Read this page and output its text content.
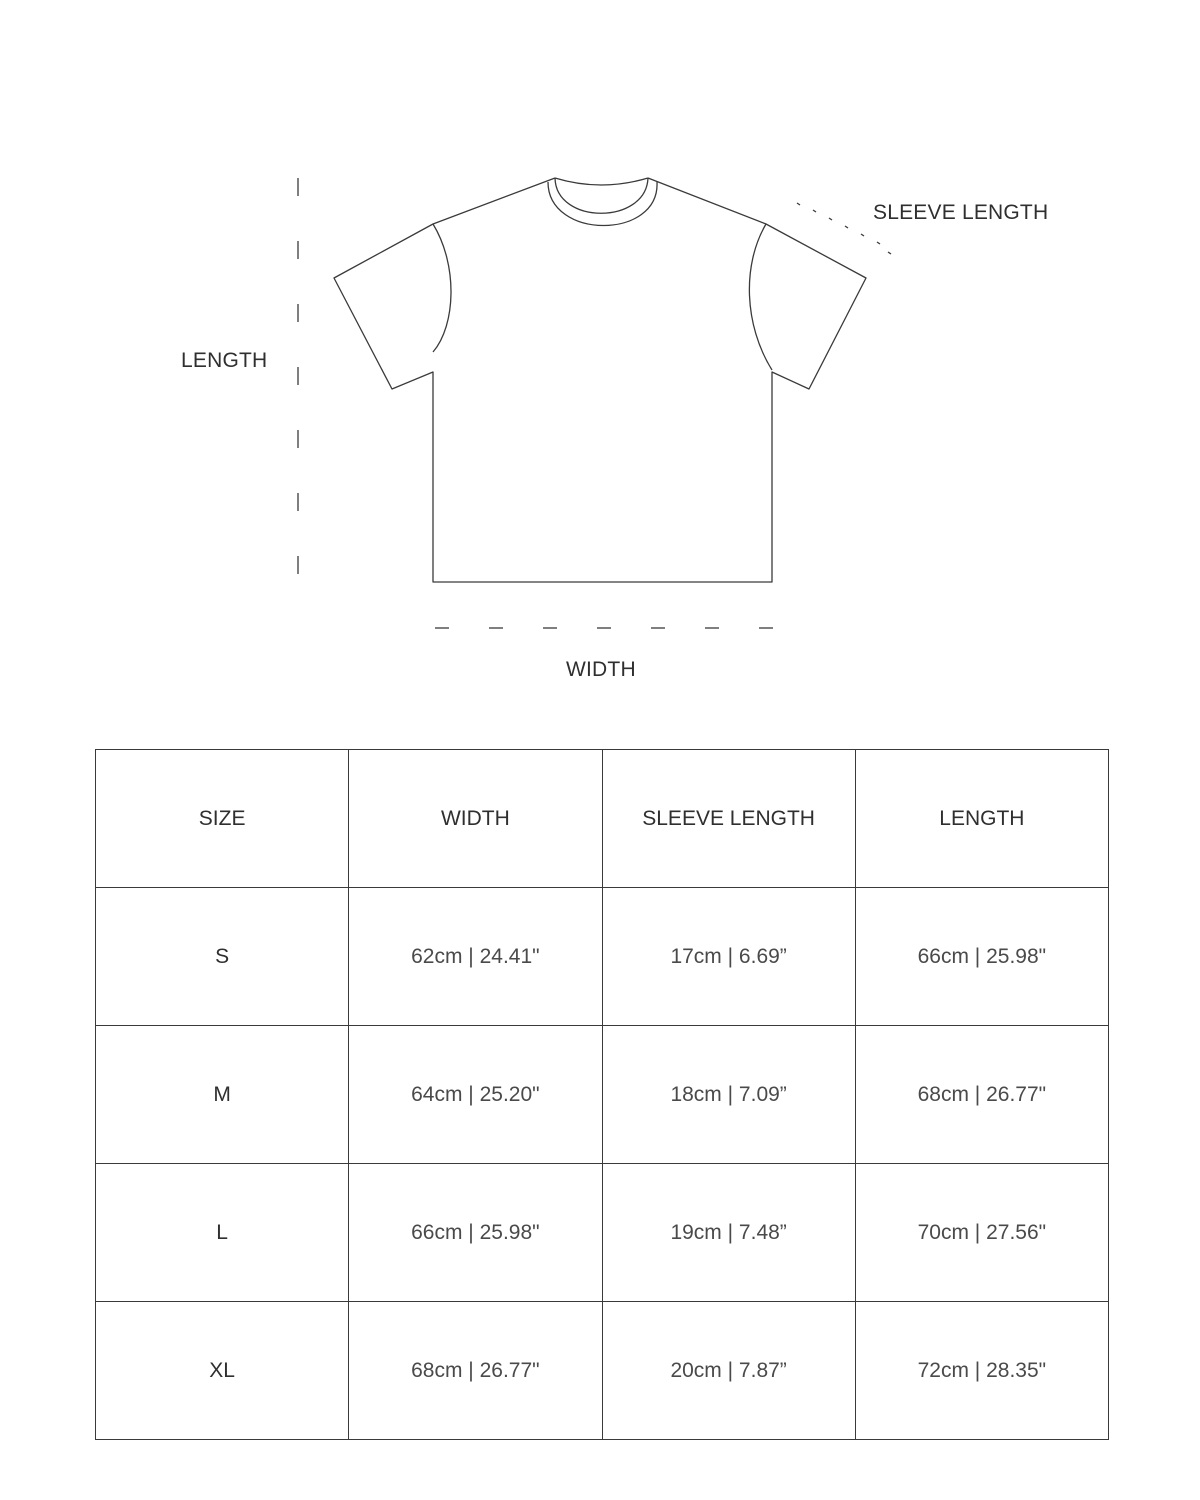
SLEEVE LENGTH
LENGTH
WIDTH
SIZE	WIDTH	SLEEVE LENGTH	LENGTH
S	62cm | 24.41"	17cm | 6.69”	66cm | 25.98"
M	64cm | 25.20"	18cm | 7.09”	68cm | 26.77"
L	66cm | 25.98"	19cm | 7.48”	70cm | 27.56"
XL	68cm | 26.77"	20cm | 7.87”	72cm | 28.35"
